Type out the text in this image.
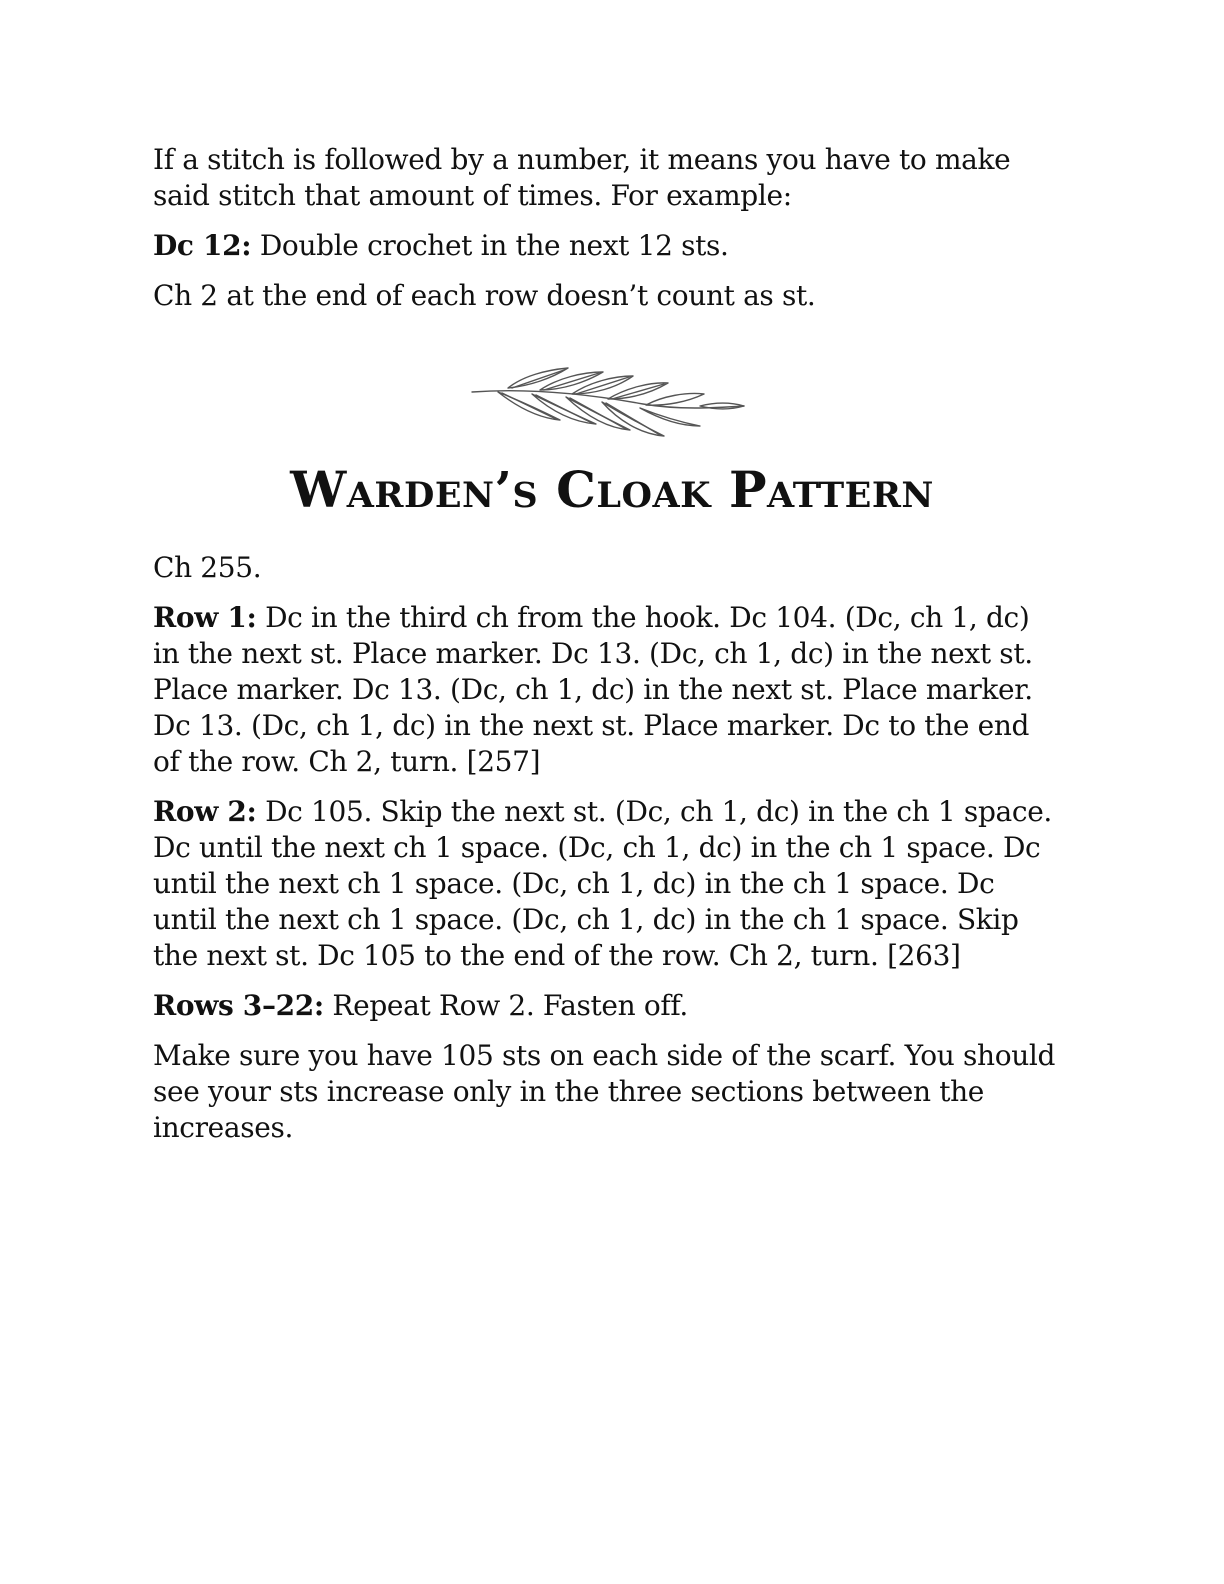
If a stitch is followed by a number, it means you have to make said stitch that amount of times. For example:

Dc 12: Double crochet in the next 12 sts.

Ch 2 at the end of each row doesn’t count as st.

Warden’s Cloak Pattern

Ch 255.

Row 1: Dc in the third ch from the hook. Dc 104. (Dc, ch 1, dc) in the next st. Place marker. Dc 13. (Dc, ch 1, dc) in the next st. Place marker. Dc 13. (Dc, ch 1, dc) in the next st. Place marker. Dc 13. (Dc, ch 1, dc) in the next st. Place marker. Dc to the end of the row. Ch 2, turn. [257]

Row 2: Dc 105. Skip the next st. (Dc, ch 1, dc) in the ch 1 space. Dc until the next ch 1 space. (Dc, ch 1, dc) in the ch 1 space. Dc until the next ch 1 space. (Dc, ch 1, dc) in the ch 1 space. Dc until the next ch 1 space. (Dc, ch 1, dc) in the ch 1 space. Skip the next st. Dc 105 to the end of the row. Ch 2, turn. [263]

Rows 3–22: Repeat Row 2. Fasten off.

Make sure you have 105 sts on each side of the scarf. You should see your sts increase only in the three sections between the increases.
